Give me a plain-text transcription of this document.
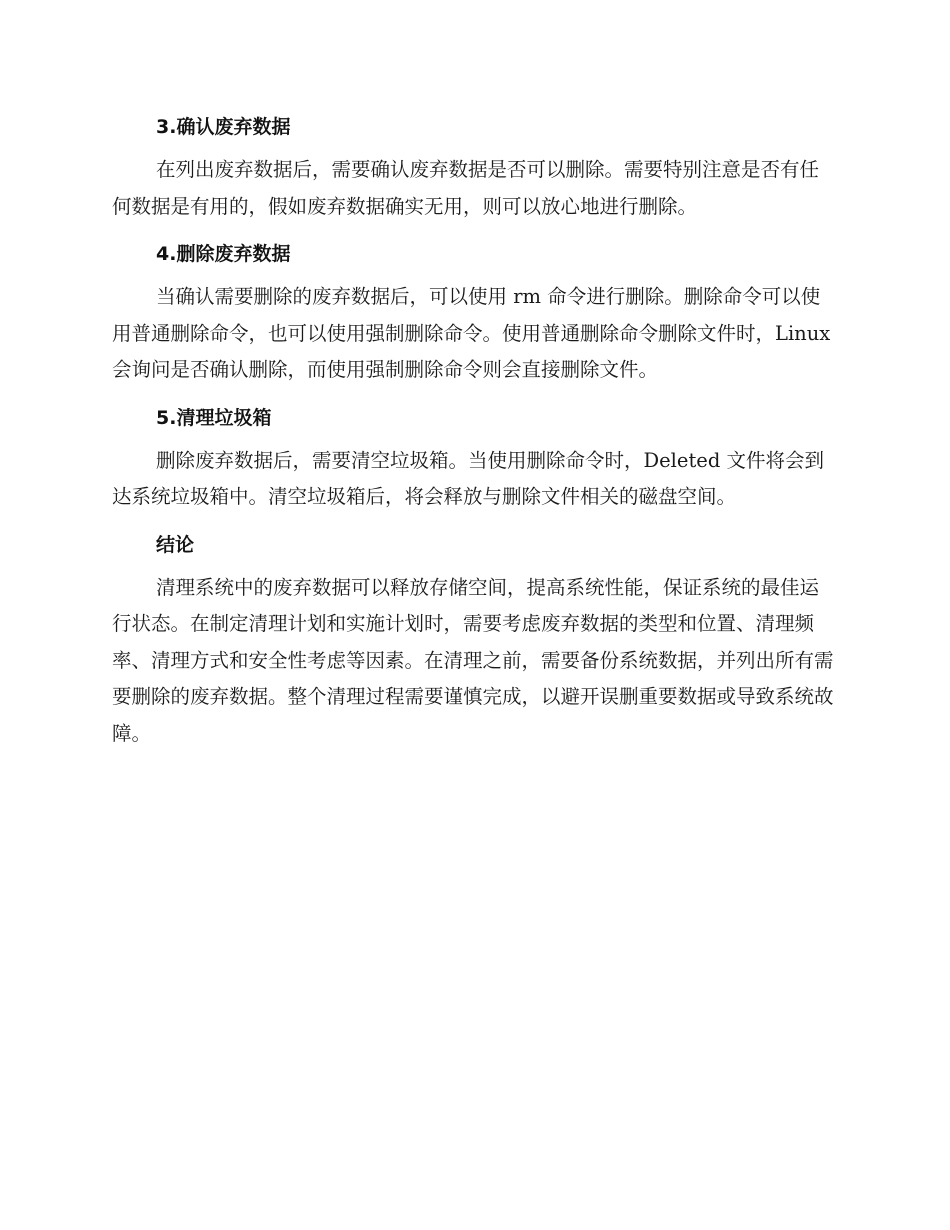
3.确认废弃数据

在列出废弃数据后，需要确认废弃数据是否可以删除。需要特别注意是否有任何数据是有用的，假如废弃数据确实无用，则可以放心地进行删除。

4.删除废弃数据

当确认需要删除的废弃数据后，可以使用 rm 命令进行删除。删除命令可以使用普通删除命令，也可以使用强制删除命令。使用普通删除命令删除文件时，Linux 会询问是否确认删除，而使用强制删除命令则会直接删除文件。

5.清理垃圾箱

删除废弃数据后，需要清空垃圾箱。当使用删除命令时，Deleted 文件将会到达系统垃圾箱中。清空垃圾箱后，将会释放与删除文件相关的磁盘空间。

结论

清理系统中的废弃数据可以释放存储空间，提高系统性能，保证系统的最佳运行状态。在制定清理计划和实施计划时，需要考虑废弃数据的类型和位置、清理频率、清理方式和安全性考虑等因素。在清理之前，需要备份系统数据，并列出所有需要删除的废弃数据。整个清理过程需要谨慎完成，以避开误删重要数据或导致系统故障。
